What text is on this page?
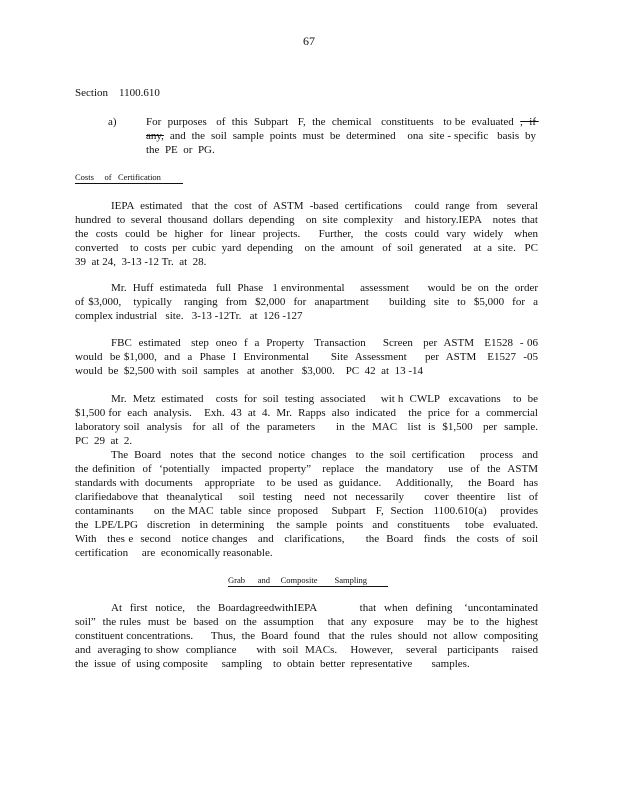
67
Section    1100.610
a)	For  purposes   of  this  Subpart   F,  the  chemical   constituents   to be  evaluated  ,  if any,  and  the  soil  sample  points  must  be  determined    ona  site - specific   basis  by  the  PE  or  PG.
Costs     of   Certification

IEPA  estimated   that  the  cost  of  ASTM  -based  certifications    could  range  from   several hundred  to  several  thousand  dollars  depending    on  site  complexity    and  history.IEPA    notes  that the  costs  could  be  higher  for  linear  projects.     Further,   the  costs  could  vary  widely   when converted    to  costs  per  cubic  yard  depending    on  the  amount   of  soil  generated    at  a  site.   PC  39  at 24,  3-13 -12 Tr.  at  28.

Mr.  Huff  estimateda   full  Phase   1 environmental     assessment      would  be  on  the  order   of $3,000,   typically   ranging  from  $2,000  for  anapartment     building  site  to  $5,000  for  a  complex industrial   site.   3-13 -12Tr.   at  126 -127

FBC  estimated   step  oneo  f  a  Property   Transaction     Screen   per  ASTM   E1528  - 06  would  be $1,000,  and  a  Phase  I  Environmental      Site  Assessment     per  ASTM   E1527  -05  would  be  $2,500 with  soil  samples   at  another   $3,000.    PC  42  at  13 -14

Mr.  Metz  estimated    costs  for  soil  testing  associated     wit h  CWLP   excavations    to  be  $1,500 for  each  analysis.    Exh.  43  at  4.  Mr.  Rapps  also  indicated    the  price  for  a  commercial     laboratory soil  analysis   for  all  of  the  parameters      in  the  MAC   list  is  $1,500   per  sample.     PC  29  at  2.

The  Board   notes  that  the  second  notice  changes   to  the  soil  certification     process   and  the definition  of  ‘potentially   impacted  property”   replace   the  mandatory    use  of  the  ASTM  standards with  documents    appropriate    to  be  used  as  guidance.     Additionally,     the  Board   has  clarifiedabove that  theanalytical    soil  testing   need  not  necessarily     cover  theentire   list  of  contaminants      on  the MAC  table  since  proposed    Subpart   F,  Section   1100.610(a)    provides   the  LPE/LPG   discretion   in determining    the  sample   points   and   constituents     tobe   evaluated.     With   thes e  second   notice changes   and   clarifications,      the  Board   finds   the  costs  of  soil  certification     are  economically reasonable.

Grab      and     Composite        Sampling

At  first  notice,   the  BoardagreedwithIEPA           that  when  defining   ‘uncontaminated       soil”  the rules  must  be  based  on  the  assumption    that  any  exposure    may  be  to  the  highest  constituent concentrations.      Thus,  the  Board  found   that  the  rules  should  not  allow  compositing     and  averaging to show  compliance      with  soil  MACs.    However,    several   participants    raised  the  issue  of  using composite     sampling    to  obtain  better  representative       samples.
